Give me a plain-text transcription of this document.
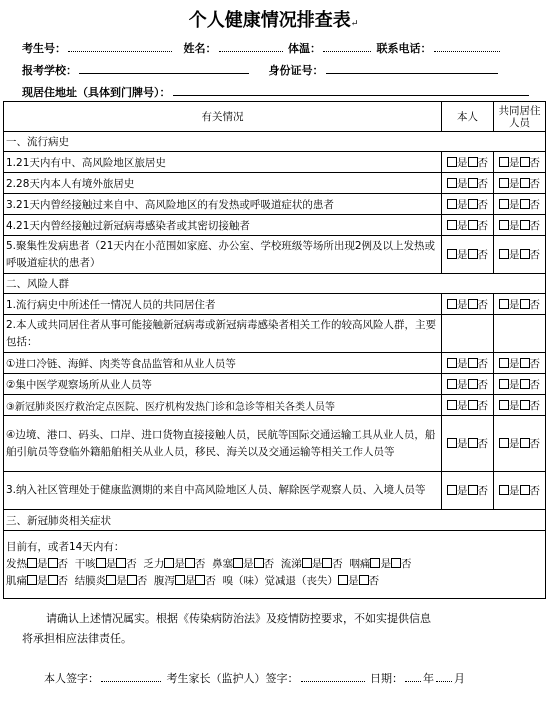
个人健康情况排查表↵
考生号：	姓名：	体温：	联系电话：
报考学校：	身份证号：
现居住地址（具体到门牌号）：
有关情况	本人	共同居住人员
一、流行病史		
1.21天内有中、高风险地区旅居史	是 否	是 否
2.28天内本人有境外旅居史	是 否	是 否
3.21天内曾经接触过来自中、高风险地区的有发热或呼吸道症状的患者	是 否	是 否
4.21天内曾经接触过新冠病毒感染者或其密切接触者	是 否	是 否
5.聚集性发病患者（21天内在小范围如家庭、办公室、学校班级等场所出现2例及以上发热或呼吸道症状的患者）	是 否	是 否
二、风险人群		
1.流行病史中所述任一情况人员的共同居住者	是 否	是 否
2.本人或共同居住者从事可能接触新冠病毒或新冠病毒感染者相关工作的较高风险人群，主要包括：		
①进口冷链、海鲜、肉类等食品监管和从业人员等	是 否	是 否
②集中医学观察场所从业人员等	是 否	是 否
③新冠肺炎医疗救治定点医院、医疗机构发热门诊和急诊等相关各类人员等	是 否	是 否
④边境、港口、码头、口岸、进口货物直接接触人员，民航等国际交通运输工具从业人员，船舶引航员等登临外籍船舶相关从业人员，移民、海关以及交通运输等相关工作人员等	是 否	是 否
3.纳入社区管理处于健康监测期的来自中高风险地区人员、解除医学观察人员、入境人员等	是 否	是 否
三、新冠肺炎相关症状		

目前有，或者14天内有：
发热 是 否 干咳 是 否 乏力 是 否 鼻塞 是 否 流涕 是 否 咽痛 是 否
肌痛 是 否 结膜炎 是 否 腹泻 是 否 嗅（味）觉减退（丧失） 是 否		
请确认上述情况属实。根据《传染病防治法》及疫情防控要求，不如实提供信息
将承担相应法律责任。
本人签字：	考生家长（监护人）签字：	日期： 年 月
